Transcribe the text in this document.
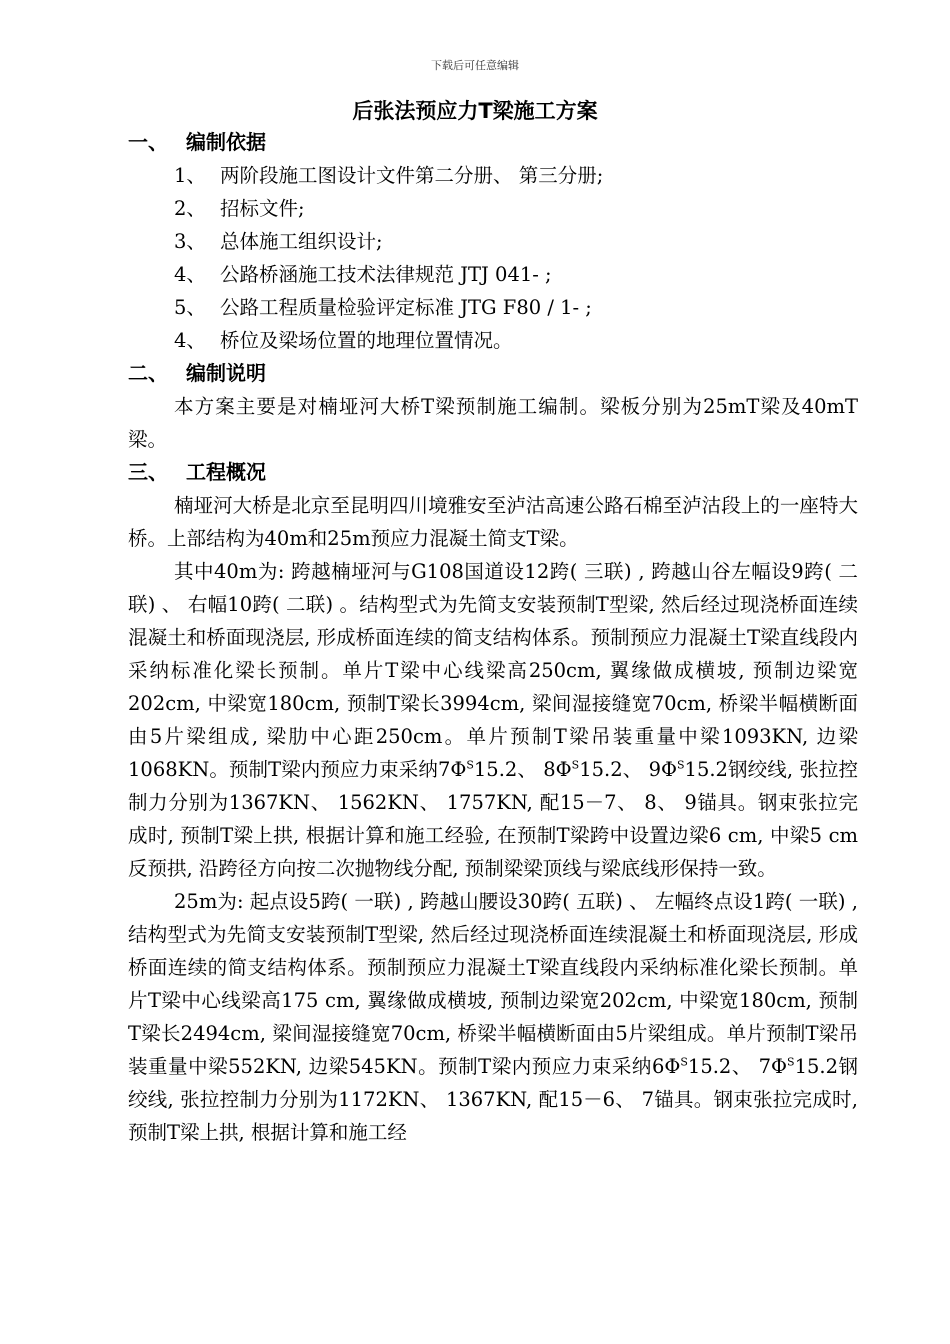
下载后可任意编辑
后张法预应力T梁施工方案
一、 编制依据
1、 两阶段施工图设计文件第二分册、 第三分册;
2、 招标文件;
3、 总体施工组织设计;
4、 公路桥涵施工技术法律规范 JTJ 041- ;
5、 公路工程质量检验评定标准 JTG F80 / 1- ;
4、 桥位及梁场位置的地理位置情况。
二、 编制说明

本方案主要是对楠垭河大桥T梁预制施工编制。梁板分别为25mT梁及40mT梁。

三、 工程概况

楠垭河大桥是北京至昆明四川境雅安至泸沽高速公路石棉至泸沽段上的一座特大桥。上部结构为40m和25m预应力混凝土简支T梁。

其中40m为: 跨越楠垭河与G108国道设12跨( 三联) , 跨越山谷左幅设9跨( 二联) 、 右幅10跨( 二联) 。结构型式为先简支安装预制T型梁, 然后经过现浇桥面连续混凝土和桥面现浇层, 形成桥面连续的简支结构体系。预制预应力混凝土T梁直线段内采纳标准化梁长预制。单片T梁中心线梁高250cm, 翼缘做成横坡, 预制边梁宽202cm, 中梁宽180cm, 预制T梁长3994cm, 梁间湿接缝宽70cm, 桥梁半幅横断面由5片梁组成, 梁肋中心距250cm。单片预制T梁吊装重量中梁1093KN, 边梁1068KN。预制T梁内预应力束采纳$7\Phi^S15.2$、 $8\Phi^S15.2$、 $9\Phi^S15.2$钢绞线, 张拉控制力分别为1367KN、 1562KN、 1757KN, 配15－7、 8、 9锚具。钢束张拉完成时, 预制T梁上拱, 根据计算和施工经验, 在预制T梁跨中设置边梁6 cm, 中梁5 cm反预拱, 沿跨径方向按二次抛物线分配, 预制梁梁顶线与梁底线形保持一致。

25m为: 起点设5跨( 一联) , 跨越山腰设30跨( 五联) 、 左幅终点设1跨( 一联) , 结构型式为先简支安装预制T型梁, 然后经过现浇桥面连续混凝土和桥面现浇层, 形成桥面连续的简支结构体系。预制预应力混凝土T梁直线段内采纳标准化梁长预制。单片T梁中心线梁高175 cm, 翼缘做成横坡, 预制边梁宽202cm, 中梁宽180cm, 预制T梁长2494cm, 梁间湿接缝宽70cm, 桥梁半幅横断面由5片梁组成。单片预制T梁吊装重量中梁552KN, 边梁545KN。预制T梁内预应力束采纳$6\Phi^S15.2$、 $7\Phi^S15.2$钢绞线, 张拉控制力分别为1172KN、 1367KN, 配15－6、 7锚具。钢束张拉完成时, 预制T梁上拱, 根据计算和施工经
